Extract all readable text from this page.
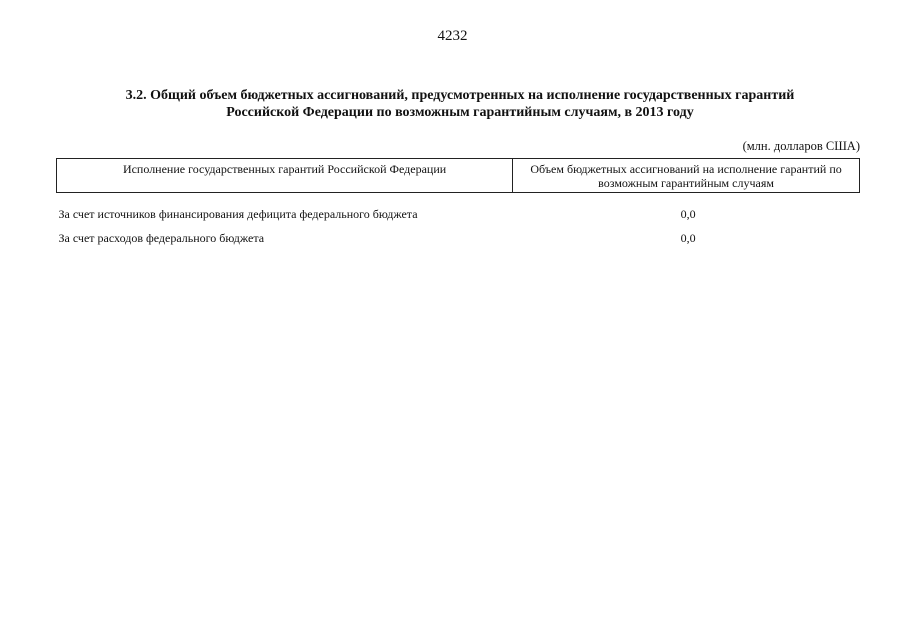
4232
3.2. Общий объем бюджетных ассигнований, предусмотренных на исполнение государственных гарантий
Российской Федерации по возможным гарантийным случаям, в 2013 году
(млн. долларов США)
Исполнение государственных гарантий Российской Федерации	Объем бюджетных ассигнований на исполнение гарантий по возможным гарантийным случаям
За счет источников финансирования дефицита федерального бюджета	0,0
За счет расходов федерального бюджета	0,0
